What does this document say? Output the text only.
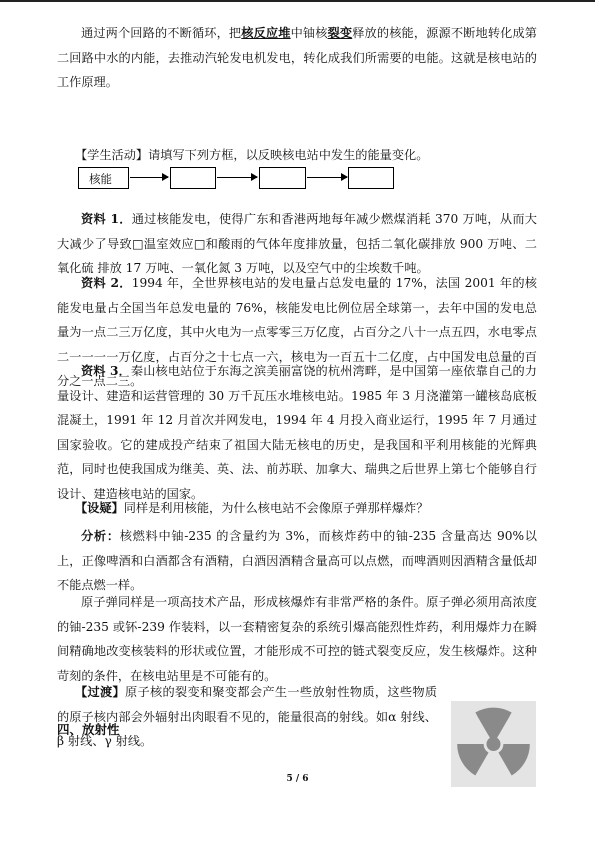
通过两个回路的不断循环，把核反应堆中铀核裂变释放的核能，源源不断地转化成第二回路中水的内能，去推动汽轮发电机发电，转化成我们所需要的电能。这就是核电站的工作原理。

【学生活动】请填写下列方框，以反映核电站中发生的能量变化。

核能

资料 1．通过核能发电，使得广东和香港两地每年减少燃煤消耗 370 万吨，从而大大减少了导致□温室效应□和酸雨的气体年度排放量，包括二氧化碳排放 900 万吨、二氧化硫 排放 17 万吨、一氧化氮 3 万吨，以及空气中的尘埃数千吨。

资料 2．1994 年，全世界核电站的发电量占总发电量的 17%，法国 2001 年的核能发电量占全国当年总发电量的 76%，核能发电比例位居全球第一，去年中国的发电总量为一点二三万亿度，其中火电为一点零零三万亿度，占百分之八十一点五四，水电零点二一一一一万亿度，占百分之十七点一六，核电为一百五十二亿度，占中国发电总量的百分之一点二三。

资料 3．秦山核电站位于东海之滨美丽富饶的杭州湾畔，是中国第一座依靠自己的力量设计、建造和运营管理的 30 万千瓦压水堆核电站。1985 年 3 月浇灌第一罐核岛底板混凝土，1991 年 12 月首次并网发电，1994 年 4 月投入商业运行，1995 年 7 月通过国家验收。它的建成投产结束了祖国大陆无核电的历史，是我国和平利用核能的光辉典范，同时也使我国成为继美、英、法、前苏联、加拿大、瑞典之后世界上第七个能够自行设计、建造核电站的国家。

【设疑】同样是利用核能，为什么核电站不会像原子弹那样爆炸？

分析：核燃料中铀-235 的含量约为 3%，而核炸药中的铀-235 含量高达 90%以上，正像啤酒和白酒都含有酒精，白酒因酒精含量高可以点燃，而啤酒则因酒精含量低却不能点燃一样。

原子弹同样是一项高技术产品，形成核爆炸有非常严格的条件。原子弹必须用高浓度的铀-235 或钚-239 作装料，以一套精密复杂的系统引爆高能烈性炸药，利用爆炸力在瞬间精确地改变核装料的形状或位置，才能形成不可控的链式裂变反应，发生核爆炸。这种苛刻的条件，在核电站里是不可能有的。

【过渡】原子核的裂变和聚变都会产生一些放射性物质，这些物质的原子核内部会外辐射出肉眼看不见的，能量很高的射线。如α 射线、β 射线、γ 射线。

四、放射性
5 / 6
